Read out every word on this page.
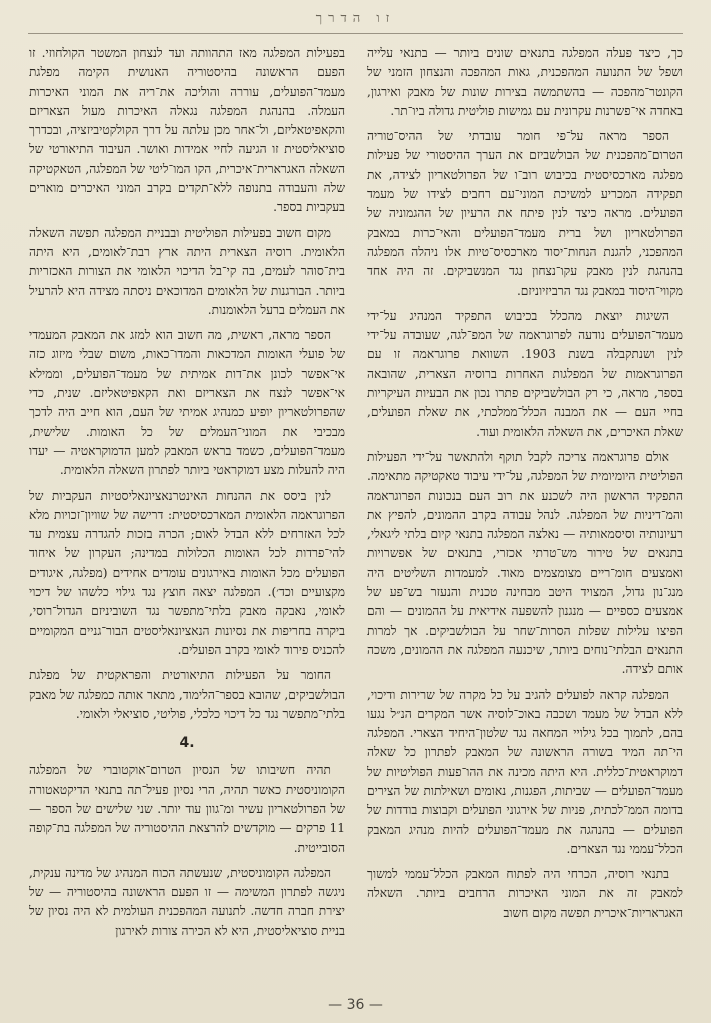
זו הדרך

כך, כיצד פעלה המפלגה בתנאים שונים ביותר — בתנאי עלייה ושפל של התנועה המהפכנית, גאות המהפכה והנצחון הזמני של הקונטר־מהפכה — בהשתמשה בצירות שונות של מאבק ואירגון, באחדה אי־פשרנות עקרונית עם גמישות פוליטית גדולה ביו־תר.

הספר מראה על־פי חומר עובדתי של ההיס־טוריה הטרום־מהפכנית של הבולשביזם את הערך ההיסטורי של פעילות מפלגה מארכסיסטית בכיבוש רוב־ו של הפרולטאריון לצידה, את תפקידה המכריע למשיכת המוני־עם רחבים לצידו של מעמד הפועלים. מראה כיצד לנין פיתח את הרעיון של ההגמוניה של הפרולטאריון ושל ברית מעמד־הפועלים והאי־כרות במאבק המהפכני, להגנת הנחות־יסוד מארכסיס־טיות אלו ניהלה המפלגה בהנהגת לנין מאבק עקו־נצחון נגד המנשביקים. זה היה אחד מקווי־היסוד במאבק נגד הרביזיוניזם.

השיגות יוצאת מהכלל בכיבוש התפקיד המנהיג על־ידי מעמד־הפועלים נודעה לפרוגראמה של המפ־לגה, שעובדה על־ידי לנין ושנתקבלה בשנת 1903. השוואת פרוגראמה זו עם הפרוגראמות של המפלגות האחרות ברוסיה הצארית, שהובאה בספר, מראה, כי רק הבולשביקים פתרו נכון את הבעיות העיקריות בחיי העם — את המבנה הכלל־ממלכתי, את שאלת הפועלים, שאלת האיכרים, את השאלה הלאומית ועוד.

אולם פרוגראמה צריכה לקבל תוקף ולהתאשר על־ידי הפעילות הפוליטית היומיומית של המפלגה, על־ידי עיבוד טאקטיקה מתאימה. התפקיד הראשון היה לשכנע את רוב העם בנכונות הפרוגראמה והמ־דיניות של המפלגה. לנהל עבודה בקרב ההמונים, להפיץ את רעיונותיה וסיסמאותיה — נאלצה המפלגה בתנאי קיום בלתי ליגאלי, בתנאים של טירור מש־טרתי אכזרי, בתנאים של אפשרויות ואמצעים חומ־ריים מצומצמים מאוד. למעמדות השליטים היה מנג־נון גדול, המצויד היטב מבחינה טכנית והנעזר בש־פע של אמצעים כספיים — מנגנון להשפעה אידיאית על ההמונים — והם הפיצו עלילות שפלות הסרות־שחר על הבולשביקים. אך למרות התנאים הבלתי־נוחים ביותר, שיכנעה המפלגה את ההמונים, משכה אותם לצידה.

המפלגה קראה לפועלים להגיב על כל מקרה של שרירות ודיכוי, ללא הבדל של מעמד ושכבה באוכ־לוסיה אשר המקרים הנ״ל נגעו בהם, לתמוך בכל גילויי המחאה נגד שלטון־היחיד הצארי. המפלגה הי־תה המיד בשורה הראשונה של המאבק לפתרון כל שאלה דמוקראטית־כללית. היא היתה מכינה את ההו־פעות הפוליטיות של מעמד־הפועלים — שביתות, הפגנות, נאומים ושאילתות של הצירים בדומה הממ־לכתית, פניות של אירגוני הפועלים וקבוצות בודדות של הפועלים — בהנהגה את מעמד־הפועלים להיות מנהיג המאבק הכלל־עממי נגד הצארים.

בתנאי רוסיה, הכרחי היה לפתוח המאבק הכלל־עממי למשוך למאבק זה את המוני האיכרות הרחבים ביותר. השאלה האגראריות־איכרית תפשה מקום חשוב

בפעילות המפלגה מאז התהוותה ועד לנצחון המשטר הקולחוזי. זו הפעם הראשונה בהיסטוריה האנושית הקימה מפלגת מעמד־הפועלים, עוררה והוליכה את־ריה את המוני האיכרות העמלה. בהנהגת המפלגה נגאלה האיכרות מעול הצאריזם והקאפיטאליזם, ול־אחר מכן עלתה על דרך הקולקטיביזציה, ובכדרך סוציאליסטית זו הגיעה לחיי אמידות ואושר. העיבוד התיאורטי של השאלה האגרארית־איכרית, הקו המו־ליטי של המפלגה, הטאקטיקה שלה והעבודה בתנופה ללא־תקדים בקרב המוני האיכרים מוארים בעקביות בספר.

מקום חשוב בפעילות הפוליטית ובבניית המפלגה תפשה השאלה הלאומית. רוסיה הצארית היתה ארץ רבת־לאומים, היא היתה בית־סוהר לעמים, בה קי־בל הדיכוי הלאומי את הצורות האכזריות ביותר. הבורגנות של הלאומים המדוכאים ניסתה מצידה היא להרעיל את העמלים ברעל הלאומנות.

הספר מראה, ראשית, מה חשוב הוא למזג את המאבק המעמדי של פועלי האומות המדכאות והמדו־כאות, משום שבלי מיזוג כזה אי־אפשר לכונן את־דות אמיתית של מעמד־הפועלים, וממילא אי־אפשר לנצח את הצאריזם ואת הקאפיטאליזם. שנית, כדי שהפרולטאריון יופיע כמנהיג אמיתי של העם, הוא חייב היה לדכך מבכיבי את המוני־העמלים של כל האומות. שלישית, מעמד־הפועלים, כשמד בראש המאבק למען הדמוקראטיה — יעדו היה להעלות מצע דמוקראטי ביותר לפתרון השאלה הלאומית.

לנין ביסס את ההנחות האינטרנאציונאליסטיות העקביות של הפרוגראמה הלאומית המארכסיסטית: דרישה של שוויון־זכויות מלא לכל האזרחים ללא הבדל לאום; הכרה בזכות להגדרה עצמית עד להי־פרדות לכל האומות הכלולות במדינה; העקרון של איחוד הפועלים מכל האומות באירגונים עומדים אחידים (מפלגה, איגודים מקצועיים וכד׳). המפלגה יצאה חוצץ נגד גילוי כלשהו של דיכוי לאומי, נאבקה מאבק בלתי־מתפשר נגד השוביניזם הגדול־רוסי, ביקרה בחריפות את נסיונות הנאציונאליסטים הבור־גניים המקומיים להכניס פירוד לאומי בקרב הפועלים.

החומר על הפעילות התיאורטית והפראקטית של מפלגת הבולשביקים, שהובא בספר־הלימוד, מתאר אותה כמפלגה של מאבק בלתי־מתפשר נגד כל דיכוי כלכלי, פוליטי, סוציאלי ולאומי.

.4

תהיה חשיבותו של הנסיון הטרום־אוקטוברי של המפלגה הקומוניסטית כאשר תהיה, הרי נסיון פעיל־תה בתנאי הדיקטאטורה של הפרולטאריון עשיר ומ־גוון עוד יותר. שני שלישים של הספר — 11 פרקים — מוקדשים להרצאת ההיסטוריה של המפלגה בת־קופה הסובייטית.

המפלגה הקומוניסטית, שנעשתה הכוח המנהיג של מדינה ענקית, ניגשה לפתרון המשימה — זו הפעם הראשונה בהיסטוריה — של יצירת חברה חדשה. לתנועה המהפכנית העולמית לא היה נסיון של בניית סוציאליסטית, היא לא הכירה צורות לאירגון

— 36 —
